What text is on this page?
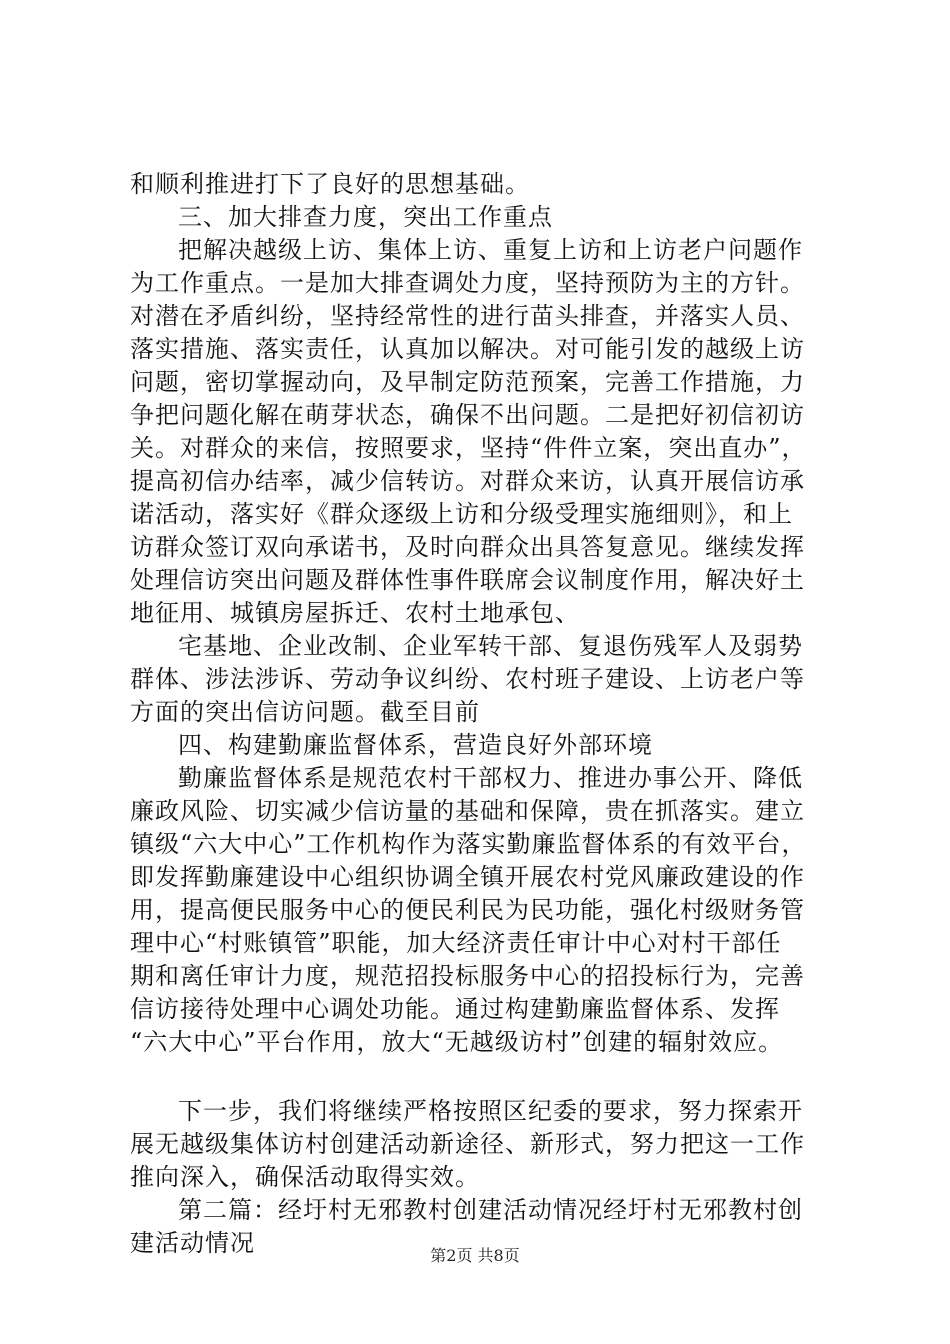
和顺利推进打下了良好的思想基础。
三、加大排查力度，突出工作重点
把解决越级上访、集体上访、重复上访和上访老户问题作
为工作重点。一是加大排查调处力度，坚持预防为主的方针。
对潜在矛盾纠纷，坚持经常性的进行苗头排查，并落实人员、
落实措施、落实责任，认真加以解决。对可能引发的越级上访
问题，密切掌握动向，及早制定防范预案，完善工作措施，力
争把问题化解在萌芽状态，确保不出问题。二是把好初信初访
关。对群众的来信，按照要求，坚持“件件立案，突出直办”，
提高初信办结率，减少信转访。对群众来访，认真开展信访承
诺活动，落实好《群众逐级上访和分级受理实施细则》，和上
访群众签订双向承诺书，及时向群众出具答复意见。继续发挥
处理信访突出问题及群体性事件联席会议制度作用，解决好土
地征用、城镇房屋拆迁、农村土地承包、
宅基地、企业改制、企业军转干部、复退伤残军人及弱势
群体、涉法涉诉、劳动争议纠纷、农村班子建设、上访老户等
方面的突出信访问题。截至目前
四、构建勤廉监督体系，营造良好外部环境
勤廉监督体系是规范农村干部权力、推进办事公开、降低
廉政风险、切实减少信访量的基础和保障，贵在抓落实。建立
镇级“六大中心”工作机构作为落实勤廉监督体系的有效平台，
即发挥勤廉建设中心组织协调全镇开展农村党风廉政建设的作
用，提高便民服务中心的便民利民为民功能，强化村级财务管
理中心“村账镇管”职能，加大经济责任审计中心对村干部任
期和离任审计力度，规范招投标服务中心的招投标行为，完善
信访接待处理中心调处功能。通过构建勤廉监督体系、发挥
“六大中心”平台作用，放大“无越级访村”创建的辐射效应。
下一步，我们将继续严格按照区纪委的要求，努力探索开
展无越级集体访村创建活动新途径、新形式，努力把这一工作
推向深入，确保活动取得实效。
第二篇：经圩村无邪教村创建活动情况经圩村无邪教村创
建活动情况	第2页 共8页
